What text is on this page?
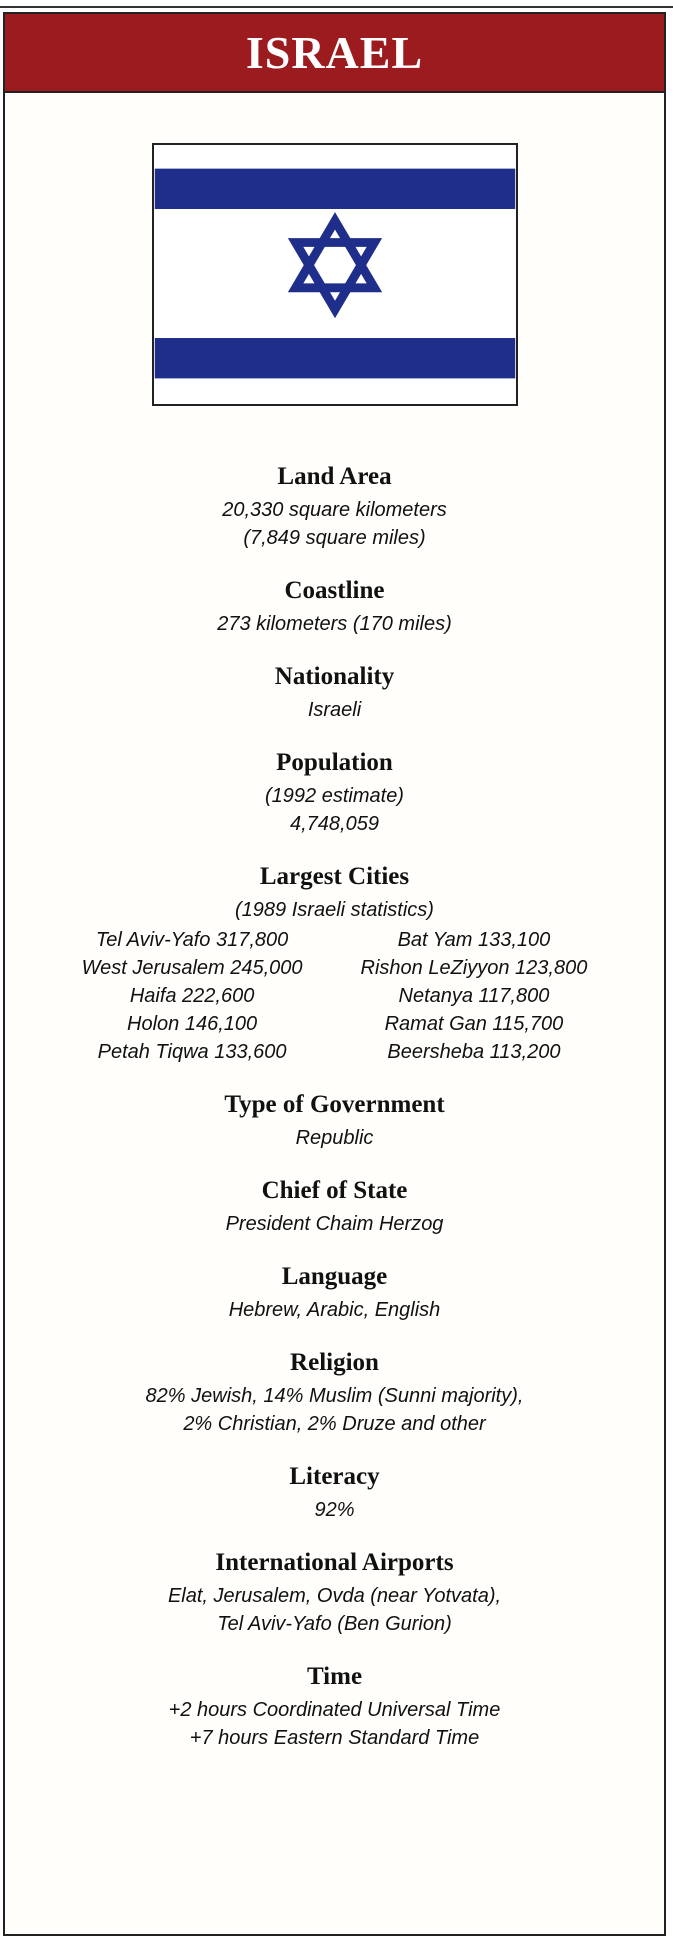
ISRAEL
Land Area
20,330 square kilometers
(7,849 square miles)
Coastline
273 kilometers (170 miles)
Nationality
Israeli
Population
(1992 estimate)
4,748,059
Largest Cities
(1989 Israeli statistics)
Tel Aviv-Yafo 317,800
West Jerusalem 245,000
Haifa 222,600
Holon 146,100
Petah Tiqwa 133,600
Bat Yam 133,100
Rishon LeZiyyon 123,800
Netanya 117,800
Ramat Gan 115,700
Beersheba 113,200
Type of Government
Republic
Chief of State
President Chaim Herzog
Language
Hebrew, Arabic, English
Religion
82% Jewish, 14% Muslim (Sunni majority),
2% Christian, 2% Druze and other
Literacy
92%
International Airports
Elat, Jerusalem, Ovda (near Yotvata),
Tel Aviv-Yafo (Ben Gurion)
Time
+2 hours Coordinated Universal Time
+7 hours Eastern Standard Time
